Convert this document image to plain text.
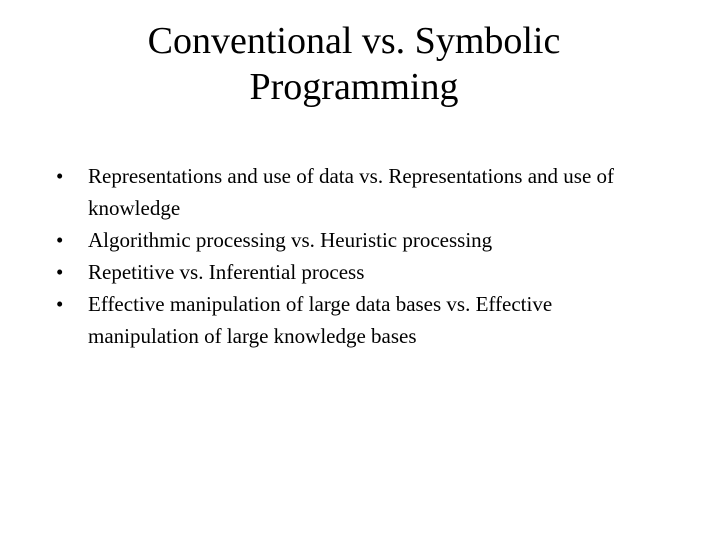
Conventional vs. Symbolic
Programming
•	Representations and use of data vs. Representations and use of knowledge
•	Algorithmic processing vs. Heuristic processing
•	Repetitive vs. Inferential process
•	Effective manipulation of large data bases vs. Effective manipulation of large knowledge bases
